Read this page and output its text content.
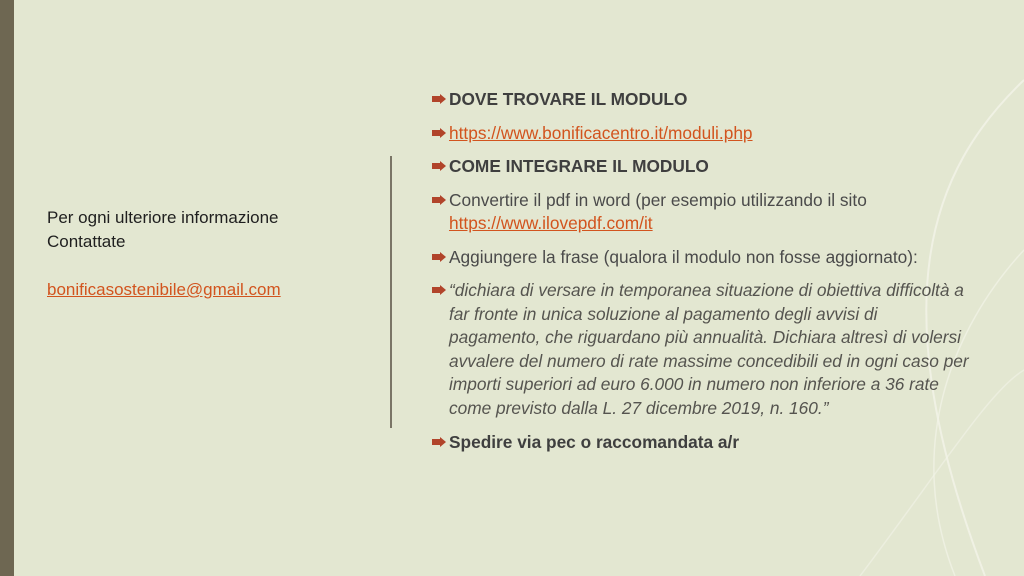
Per ogni ulteriore informazione
Contattate
bonificasostenibile@gmail.com
DOVE TROVARE IL MODULO
https://www.bonificacentro.it/moduli.php
COME INTEGRARE IL MODULO
Convertire il pdf in word (per esempio utilizzando il sito
https://www.ilovepdf.com/it
Aggiungere la frase (qualora il modulo non fosse aggiornato):
“dichiara di versare in temporanea situazione di obiettiva difficoltà a far fronte in unica soluzione al pagamento degli avvisi di pagamento, che riguardano più annualità. Dichiara altresì di volersi avvalere del numero di rate massime concedibili ed in ogni caso per importi superiori ad euro 6.000 in numero non inferiore a 36 rate come previsto dalla L. 27 dicembre 2019, n. 160.”
Spedire via pec o raccomandata a/r
